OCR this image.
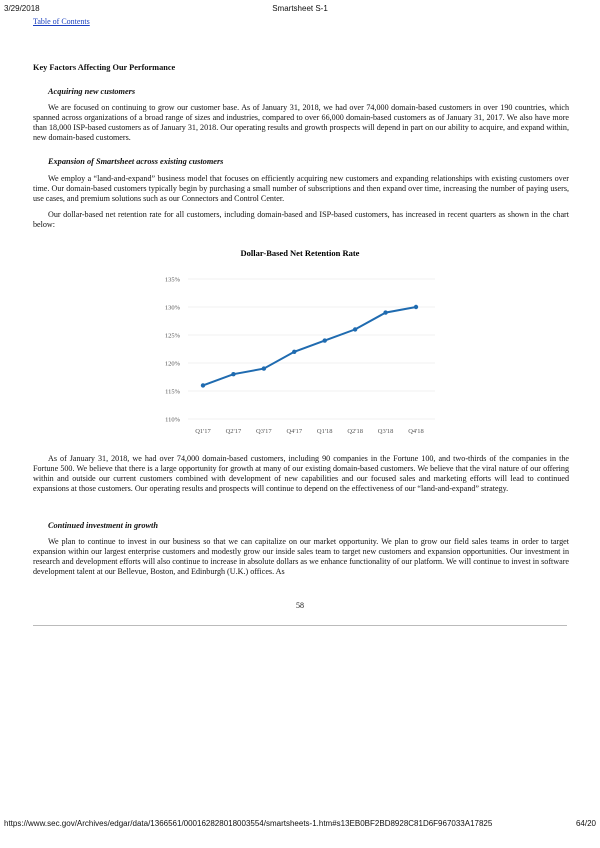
3/29/2018	Smartsheet S-1
Table of Contents
Key Factors Affecting Our Performance
Acquiring new customers
We are focused on continuing to grow our customer base. As of January 31, 2018, we had over 74,000 domain-based customers in over 190 countries, which spanned across organizations of a broad range of sizes and industries, compared to over 66,000 domain-based customers as of January 31, 2017. We also have more than 18,000 ISP-based customers as of January 31, 2018. Our operating results and growth prospects will depend in part on our ability to acquire, and expand within, new domain-based customers.
Expansion of Smartsheet across existing customers
We employ a “land-and-expand” business model that focuses on efficiently acquiring new customers and expanding relationships with existing customers over time. Our domain-based customers typically begin by purchasing a small number of subscriptions and then expand over time, increasing the number of paying users, use cases, and premium solutions such as our Connectors and Control Center.
Our dollar-based net retention rate for all customers, including domain-based and ISP-based customers, has increased in recent quarters as shown in the chart below:
Dollar-Based Net Retention Rate
110%
115%
120%
125%
130%
135%
Q1'17 Q2'17 Q3'17 Q4'17 Q1'18 Q2'18 Q3'18 Q4'18
As of January 31, 2018, we had over 74,000 domain-based customers, including 90 companies in the Fortune 100, and two-thirds of the companies in the Fortune 500. We believe that there is a large opportunity for growth at many of our existing domain-based customers. We believe that the viral nature of our offering within and outside our current customers combined with development of new capabilities and our focused sales and marketing efforts will lead to continued expansions at those customers. Our operating results and prospects will continue to depend on the effectiveness of our “land-and-expand” strategy.
Continued investment in growth
We plan to continue to invest in our business so that we can capitalize on our market opportunity. We plan to grow our field sales teams in order to target expansion within our largest enterprise customers and modestly grow our inside sales team to target new customers and expansion opportunities. Our investment in research and development efforts will also continue to increase in absolute dollars as we enhance functionality of our platform. We will continue to invest in software development talent at our Bellevue, Boston, and Edinburgh (U.K.) offices. As
58
https://www.sec.gov/Archives/edgar/data/1366561/000162828018003554/smartsheets-1.htm#s13EB0BF2BD8928C81D6F967033A17825	64/20
